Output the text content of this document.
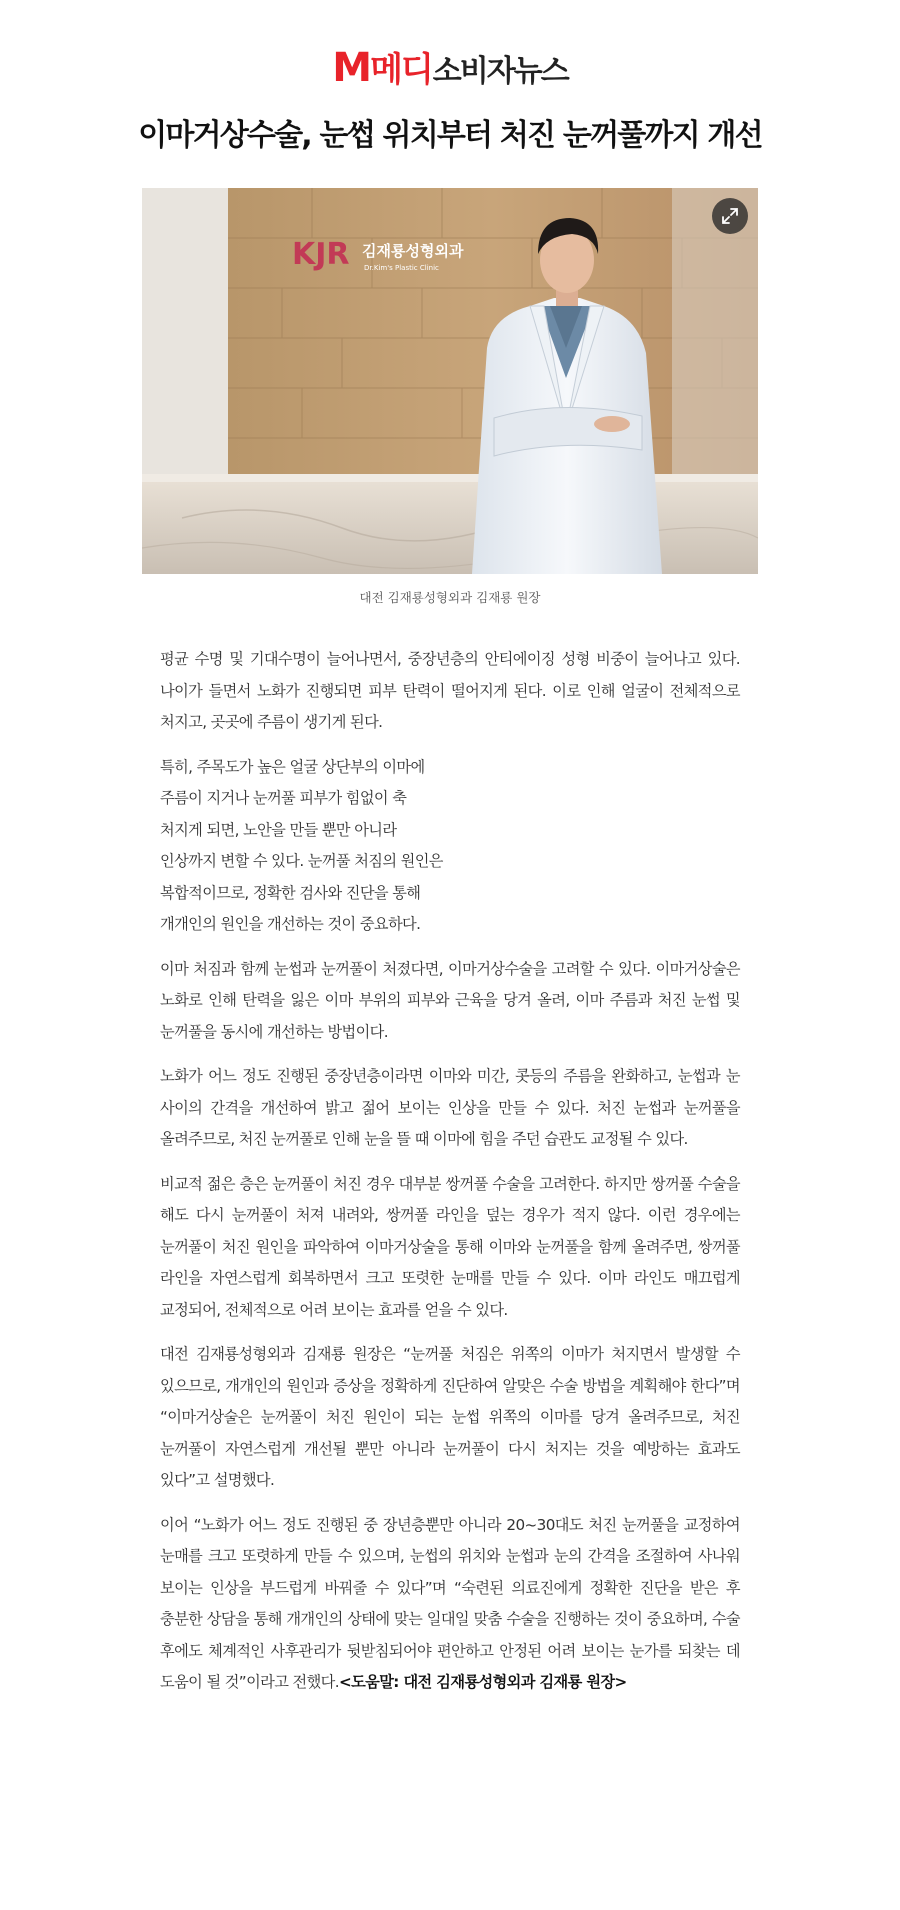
M메디소비자뉴스
이마거상수술, 눈썹 위치부터 처진 눈꺼풀까지 개선
KJR 김재룡성형외과
Dr.Kim's Plastic Clinic
대전 김재룡성형외과 김재룡 원장

평균 수명 및 기대수명이 늘어나면서, 중장년층의 안티에이징 성형 비중이 늘어나고 있다. 나이가 들면서 노화가 진행되면 피부 탄력이 떨어지게 된다. 이로 인해 얼굴이 전체적으로 처지고, 곳곳에 주름이 생기게 된다.

특히, 주목도가 높은 얼굴 상단부의 이마에 주름이 지거나 눈꺼풀 피부가 힘없이 축 처지게 되면, 노안을 만들 뿐만 아니라 인상까지 변할 수 있다. 눈꺼풀 처짐의 원인은 복합적이므로, 정확한 검사와 진단을 통해 개개인의 원인을 개선하는 것이 중요하다.

이마 처짐과 함께 눈썹과 눈꺼풀이 처졌다면, 이마거상수술을 고려할 수 있다. 이마거상술은 노화로 인해 탄력을 잃은 이마 부위의 피부와 근육을 당겨 올려, 이마 주름과 처진 눈썹 및 눈꺼풀을 동시에 개선하는 방법이다.

노화가 어느 정도 진행된 중장년층이라면 이마와 미간, 콧등의 주름을 완화하고, 눈썹과 눈 사이의 간격을 개선하여 밝고 젊어 보이는 인상을 만들 수 있다. 처진 눈썹과 눈꺼풀을 올려주므로, 처진 눈꺼풀로 인해 눈을 뜰 때 이마에 힘을 주던 습관도 교정될 수 있다.

비교적 젊은 층은 눈꺼풀이 처진 경우 대부분 쌍꺼풀 수술을 고려한다. 하지만 쌍꺼풀 수술을 해도 다시 눈꺼풀이 처져 내려와, 쌍꺼풀 라인을 덮는 경우가 적지 않다. 이런 경우에는 눈꺼풀이 처진 원인을 파악하여 이마거상술을 통해 이마와 눈꺼풀을 함께 올려주면, 쌍꺼풀 라인을 자연스럽게 회복하면서 크고 또렷한 눈매를 만들 수 있다. 이마 라인도 매끄럽게 교정되어, 전체적으로 어려 보이는 효과를 얻을 수 있다.

대전 김재룡성형외과 김재룡 원장은 “눈꺼풀 처짐은 위쪽의 이마가 처지면서 발생할 수 있으므로, 개개인의 원인과 증상을 정확하게 진단하여 알맞은 수술 방법을 계획해야 한다”며 “이마거상술은 눈꺼풀이 처진 원인이 되는 눈썹 위쪽의 이마를 당겨 올려주므로, 처진 눈꺼풀이 자연스럽게 개선될 뿐만 아니라 눈꺼풀이 다시 처지는 것을 예방하는 효과도 있다”고 설명했다.

이어 “노화가 어느 정도 진행된 중 장년층뿐만 아니라 20~30대도 처진 눈꺼풀을 교정하여 눈매를 크고 또렷하게 만들 수 있으며, 눈썹의 위치와 눈썹과 눈의 간격을 조절하여 사나워 보이는 인상을 부드럽게 바꿔줄 수 있다”며 “숙련된 의료진에게 정확한 진단을 받은 후 충분한 상담을 통해 개개인의 상태에 맞는 일대일 맞춤 수술을 진행하는 것이 중요하며, 수술 후에도 체계적인 사후관리가 뒷받침되어야 편안하고 안정된 어려 보이는 눈가를 되찾는 데 도움이 될 것”이라고 전했다.<도움말: 대전 김재룡성형외과 김재룡 원장>
